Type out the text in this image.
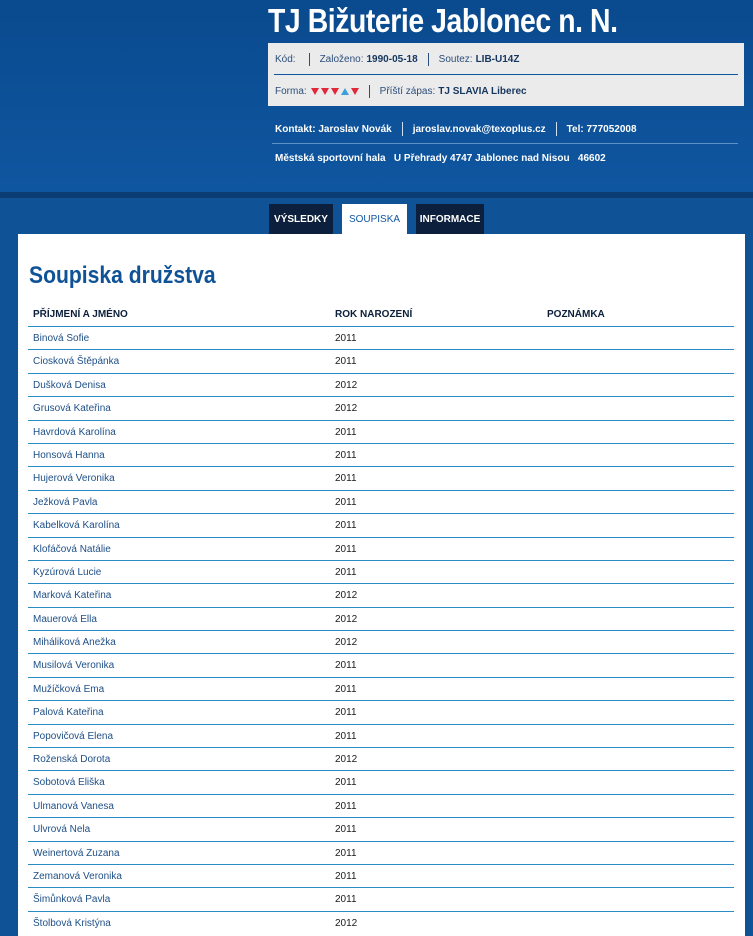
TJ Bižuterie Jablonec n. N.
Kód: Založeno: 1990-05-18 Soutez: LIB-U14Z
Forma:	Příští zápas: TJ SLAVIA Liberec
Kontakt: Jaroslav Novák jaroslav.novak@texoplus.cz Tel: 777052008
Městská sportovní hala   U Přehrady 4747 Jablonec nad Nisou   46602
VÝSLEDKY	SOUPISKA	INFORMACE
Soupiska družstva
PŘÍJMENÍ A JMÉNO	ROK NAROZENÍ	POZNÁMKA
Binová Sofie	2011
Ciosková Štěpánka	2011
Dušková Denisa	2012
Grusová Kateřina	2012
Havrdová Karolína	2011
Honsová Hanna	2011
Hujerová Veronika	2011
Ježková Pavla	2011
Kabelková Karolína	2011
Klofáčová Natálie	2011
Kyzúrová Lucie	2011
Marková Kateřina	2012
Mauerová Ella	2012
Miháliková Anežka	2012
Musilová Veronika	2011
Mužíčková Ema	2011
Palová Kateřina	2011
Popovičová Elena	2011
Roženská Dorota	2012
Sobotová Eliška	2011
Ulmanová Vanesa	2011
Ulvrová Nela	2011
Weinertová Zuzana	2011
Zemanová Veronika	2011
Šimůnková Pavla	2011
Štolbová Kristýna	2012
